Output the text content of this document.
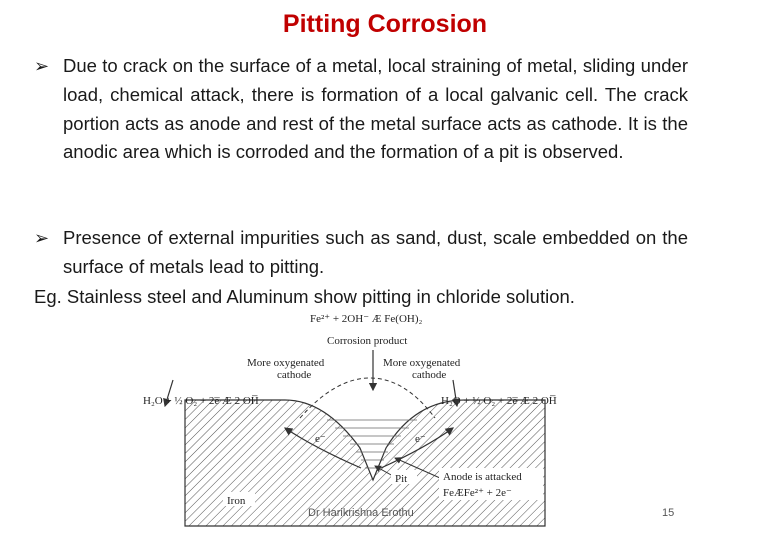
Pitting Corrosion
➢ Due to crack on the surface of a metal, local straining of metal, sliding under load, chemical attack, there is formation of a local galvanic cell. The crack portion acts as anode and rest of the metal surface acts as cathode. It is the anodic area which is corroded and the formation of a pit is observed.
➢ Presence of external impurities such as sand, dust, scale embedded on the surface of metals lead to pitting.
Eg. Stainless steel and Aluminum show pitting in chloride solution.
Fe²⁺ + 2OH⁻ Æ Fe(OH)₂
Corrosion product
More oxygenated
cathode
More oxygenated
cathode
H₂O + ½ O₂ + 2e̅ Æ 2 OH̅	H₂O + ½ O₂ + 2e̅ Æ 2 OH̅
e⁻	e⁻
Pit	Anode is attacked
FeÆFe²⁺ + 2e⁻
Iron
Dr Harikrishna Erothu	15
